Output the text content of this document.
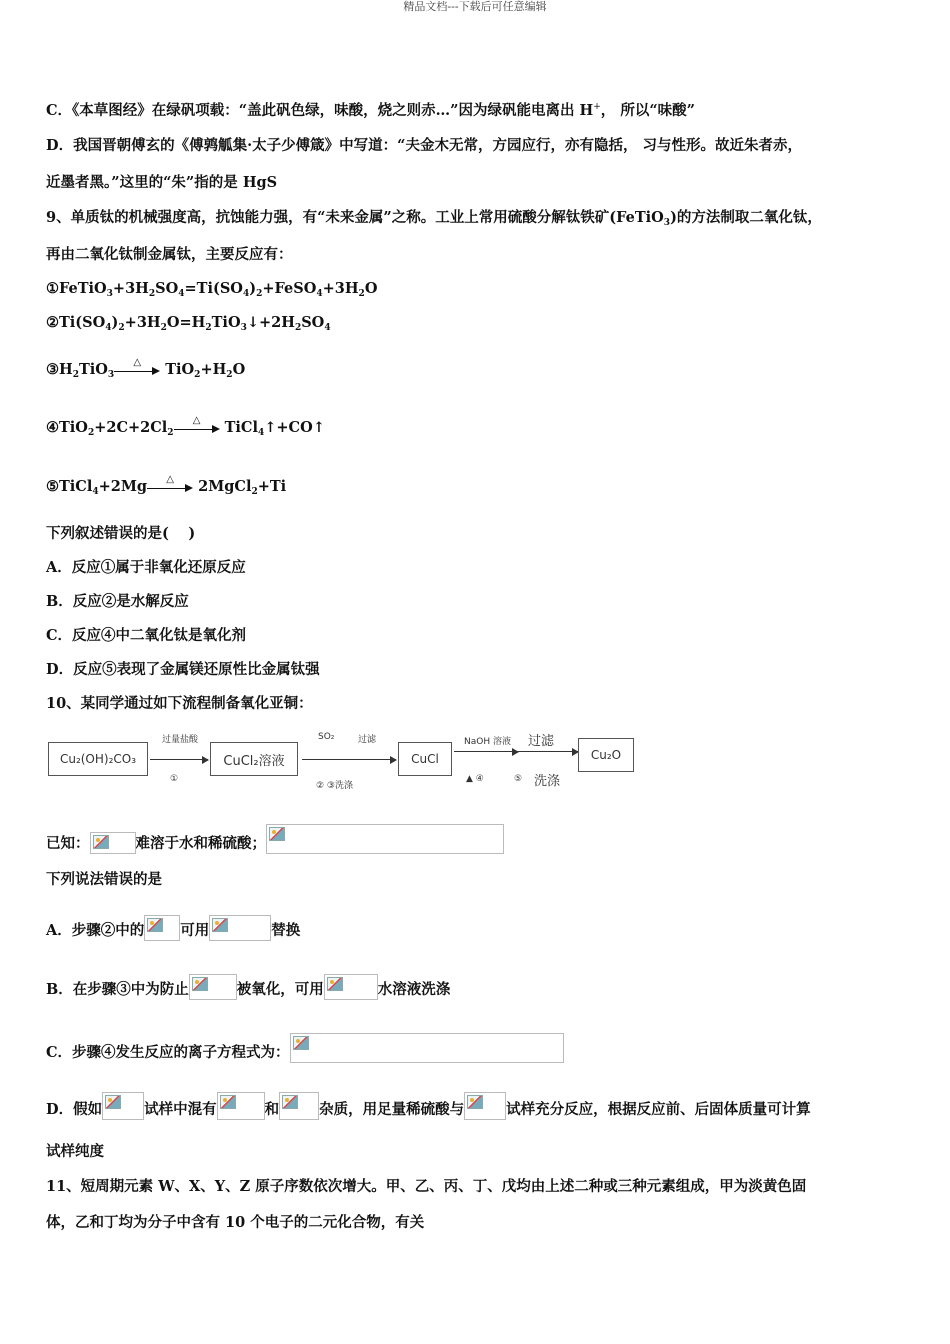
精品文档---下载后可任意编辑
C．《本草图经》在绿矾项载：“盖此矾色绿，味酸，烧之则赤…”因为绿矾能电离出 H+， 所以“味酸”
D．我国晋朝傅玄的《傅鹑觚集·太子少傅箴》中写道：“夫金木无常，方园应行，亦有隐括， 习与性形。故近朱者赤，
近墨者黑。”这里的“朱”指的是 HgS
9、单质钛的机械强度高，抗蚀能力强，有“未来金属”之称。工业上常用硫酸分解钛铁矿(FeTiO$_3$)的方法制取二氧化钛，
再由二氧化钛制金属钛，主要反应有：
$①FeTiO_3+3H_2SO_4=Ti(SO_4)_2+FeSO_4+3H_2O$
$②Ti(SO_4)_2+3H_2O=H_2TiO_3↓+2H_2SO_4$
$③H_2TiO_3$
△	$TiO_2+H_2O$
$④TiO_2+2C+2Cl_2$
△	TiCl$_4$↑+CO↑
⑤TiCl$_4$+2Mg	△	2MgCl$_2$+Ti
下列叙述错误的是(　 )
A．反应①属于非氧化还原反应
B．反应②是水解反应
C．反应④中二氧化钛是氧化剂
D．反应⑤表现了金属镁还原性比金属钛强
10、某同学通过如下流程制备氧化亚铜：
Cu₂(OH)₂CO₃
过量盐酸
①
CuCl₂溶液
SO₂	过滤
② ③洗涤
CuCl
NaOH 溶液
▲ ④
过滤
⑤ 洗涤
Cu₂O
已知：	难溶于水和稀硫酸；
下列说法错误的是
A．步骤②中的 可用	替换
B．在步骤③中为防止	被氧化，可用	水溶液洗涤
C．步骤④发生反应的离子方程式为：
D．假如	试样中混有	和	杂质，用足量稀硫酸与	试样充分反应，根据反应前、后固体质量可计算
试样纯度
11、短周期元素 W、X、Y、Z 原子序数依次增大。甲、乙、丙、丁、戊均由上述二种或三种元素组成，甲为淡黄色固
体，乙和丁均为分子中含有 10 个电子的二元化合物，有关
